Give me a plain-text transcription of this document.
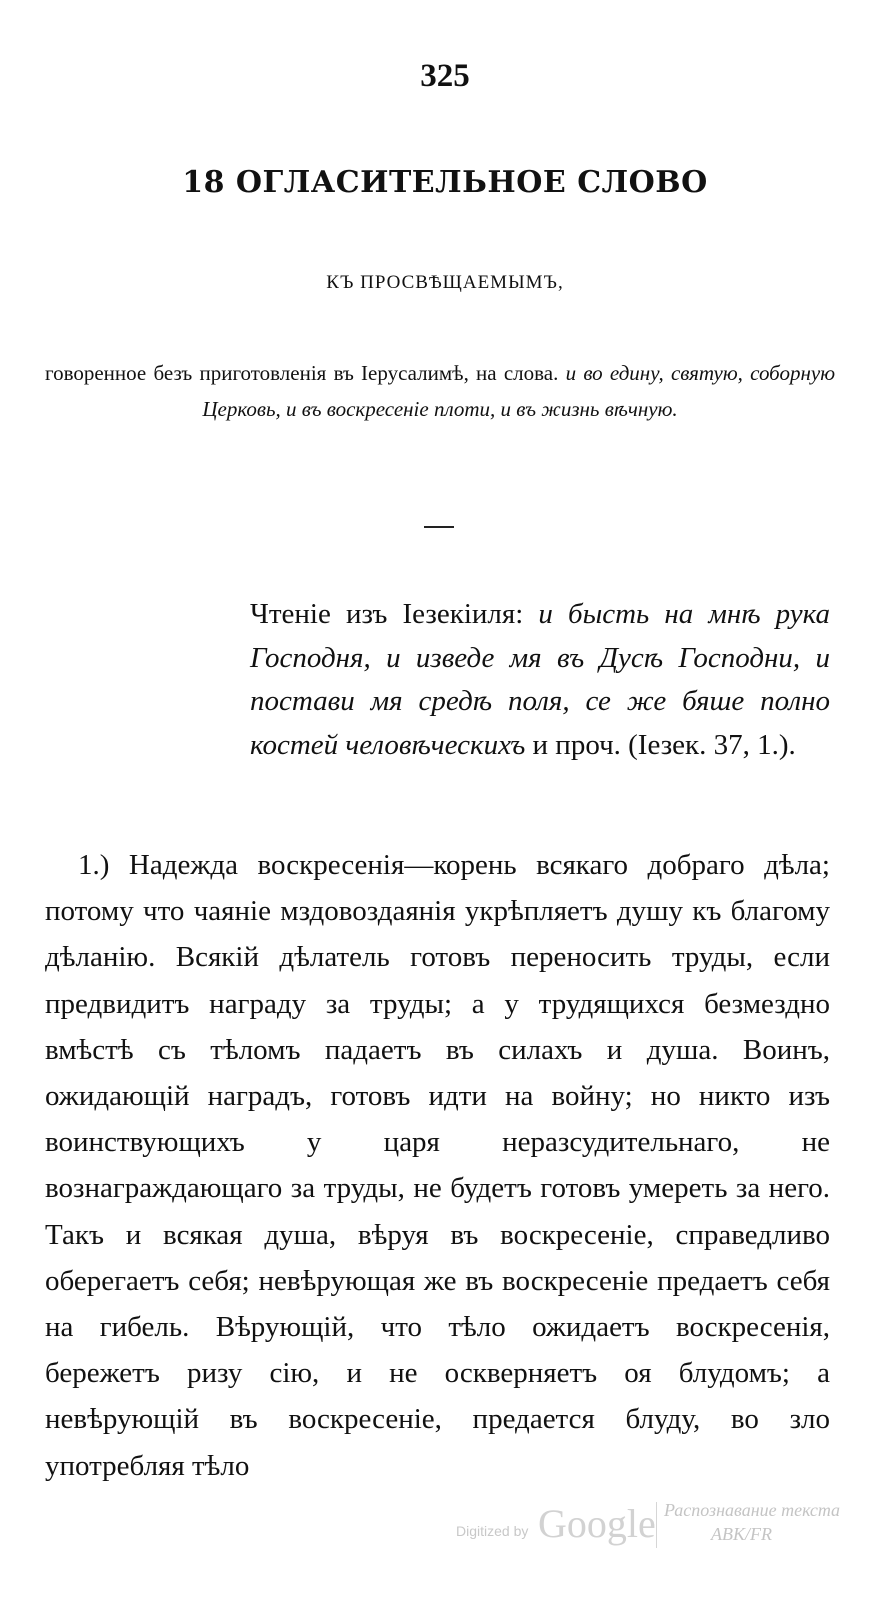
325
18 ОГЛАСИТЕЛЬНОЕ СЛОВО
КЪ ПРОСВѢЩАЕМЫМЪ,
говоренное безъ приготовленія въ Іерусалимѣ, на слова. и во едину, святую, соборную Церковь, и въ воскресеніе плоти, и въ жизнь вѣчную.
Чтеніе изъ Іезекіиля: и бысть на мнѣ рука Господня, и изведе мя въ Дусѣ Господни, и постави мя средѣ поля, се же бяше полно костей человѣческихъ и проч. (Іезек. 37, 1.).
1.) Надежда воскресенія—корень всякаго добраго дѣла; потому что чаяніе мздовоздаянія укрѣпляетъ душу къ благому дѣланію. Всякій дѣлатель готовъ переносить труды, если предвидитъ награду за труды; а у трудящихся безмездно вмѣстѣ съ тѣломъ падаетъ въ силахъ и душа. Воинъ, ожидающій наградъ, готовъ идти на войну; но никто изъ воинствующихъ у царя неразсудительнаго, не вознаграждающаго за труды, не будетъ готовъ умереть за него. Такъ и всякая душа, вѣруя въ воскресеніе, справедливо оберегаетъ себя; невѣрующая же въ воскресеніе предаетъ себя на гибель. Вѣрующій, что тѣло ожидаетъ воскресенія, бережетъ ризу сію, и не оскверняетъ оя блудомъ; а невѣрующій въ воскресеніе, предается блуду, во зло употребляя тѣло
Digitized by Google Распознавание текста
ABK/FR
